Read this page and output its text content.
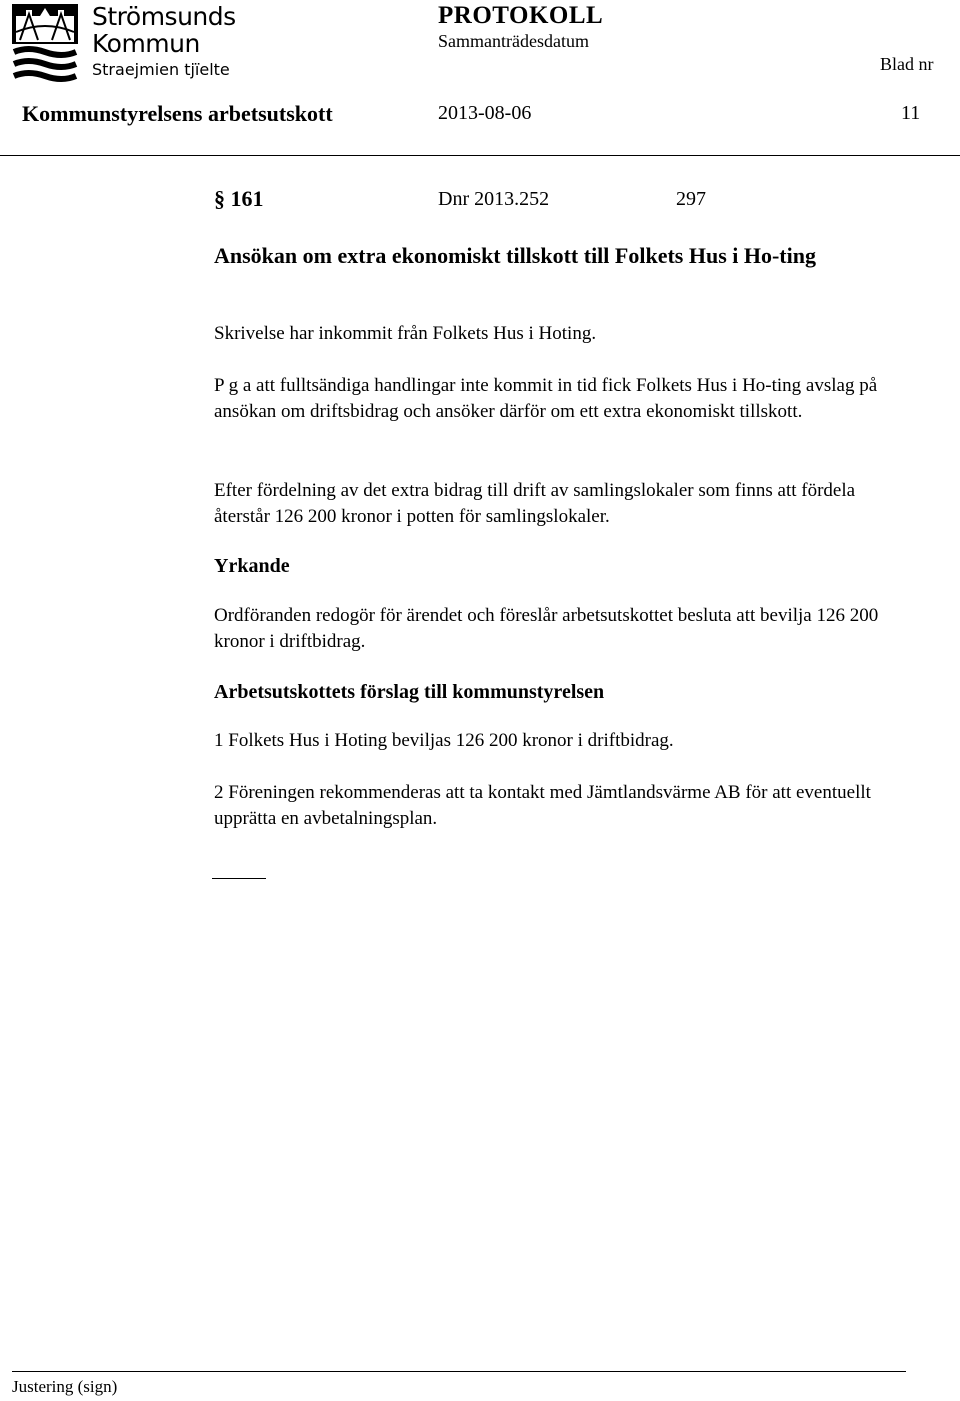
Strömsunds
Kommun
Straejmien tjïelte
PROTOKOLL
Sammanträdesdatum
Blad nr
Kommunstyrelsens arbetsutskott	2013-08-06	11
§ 161	Dnr 2013.252	297
Ansökan om extra ekonomiskt tillskott till Folkets Hus i Ho-ting
Skrivelse har inkommit från Folkets Hus i Hoting.
P g a att fulltsändiga handlingar inte kommit in tid fick Folkets Hus i Ho-ting avslag på ansökan om driftsbidrag och ansöker därför om ett extra ekonomiskt tillskott.
Efter fördelning av det extra bidrag till drift av samlingslokaler som finns att fördela återstår 126 200 kronor i potten för samlingslokaler.
Yrkande
Ordföranden redogör för ärendet och föreslår arbetsutskottet besluta att bevilja 126 200 kronor i driftbidrag.
Arbetsutskottets förslag till kommunstyrelsen
1 Folkets Hus i Hoting beviljas 126 200 kronor i driftbidrag.
2 Föreningen rekommenderas att ta kontakt med Jämtlandsvärme AB för att eventuellt upprätta en avbetalningsplan.
Justering (sign)
